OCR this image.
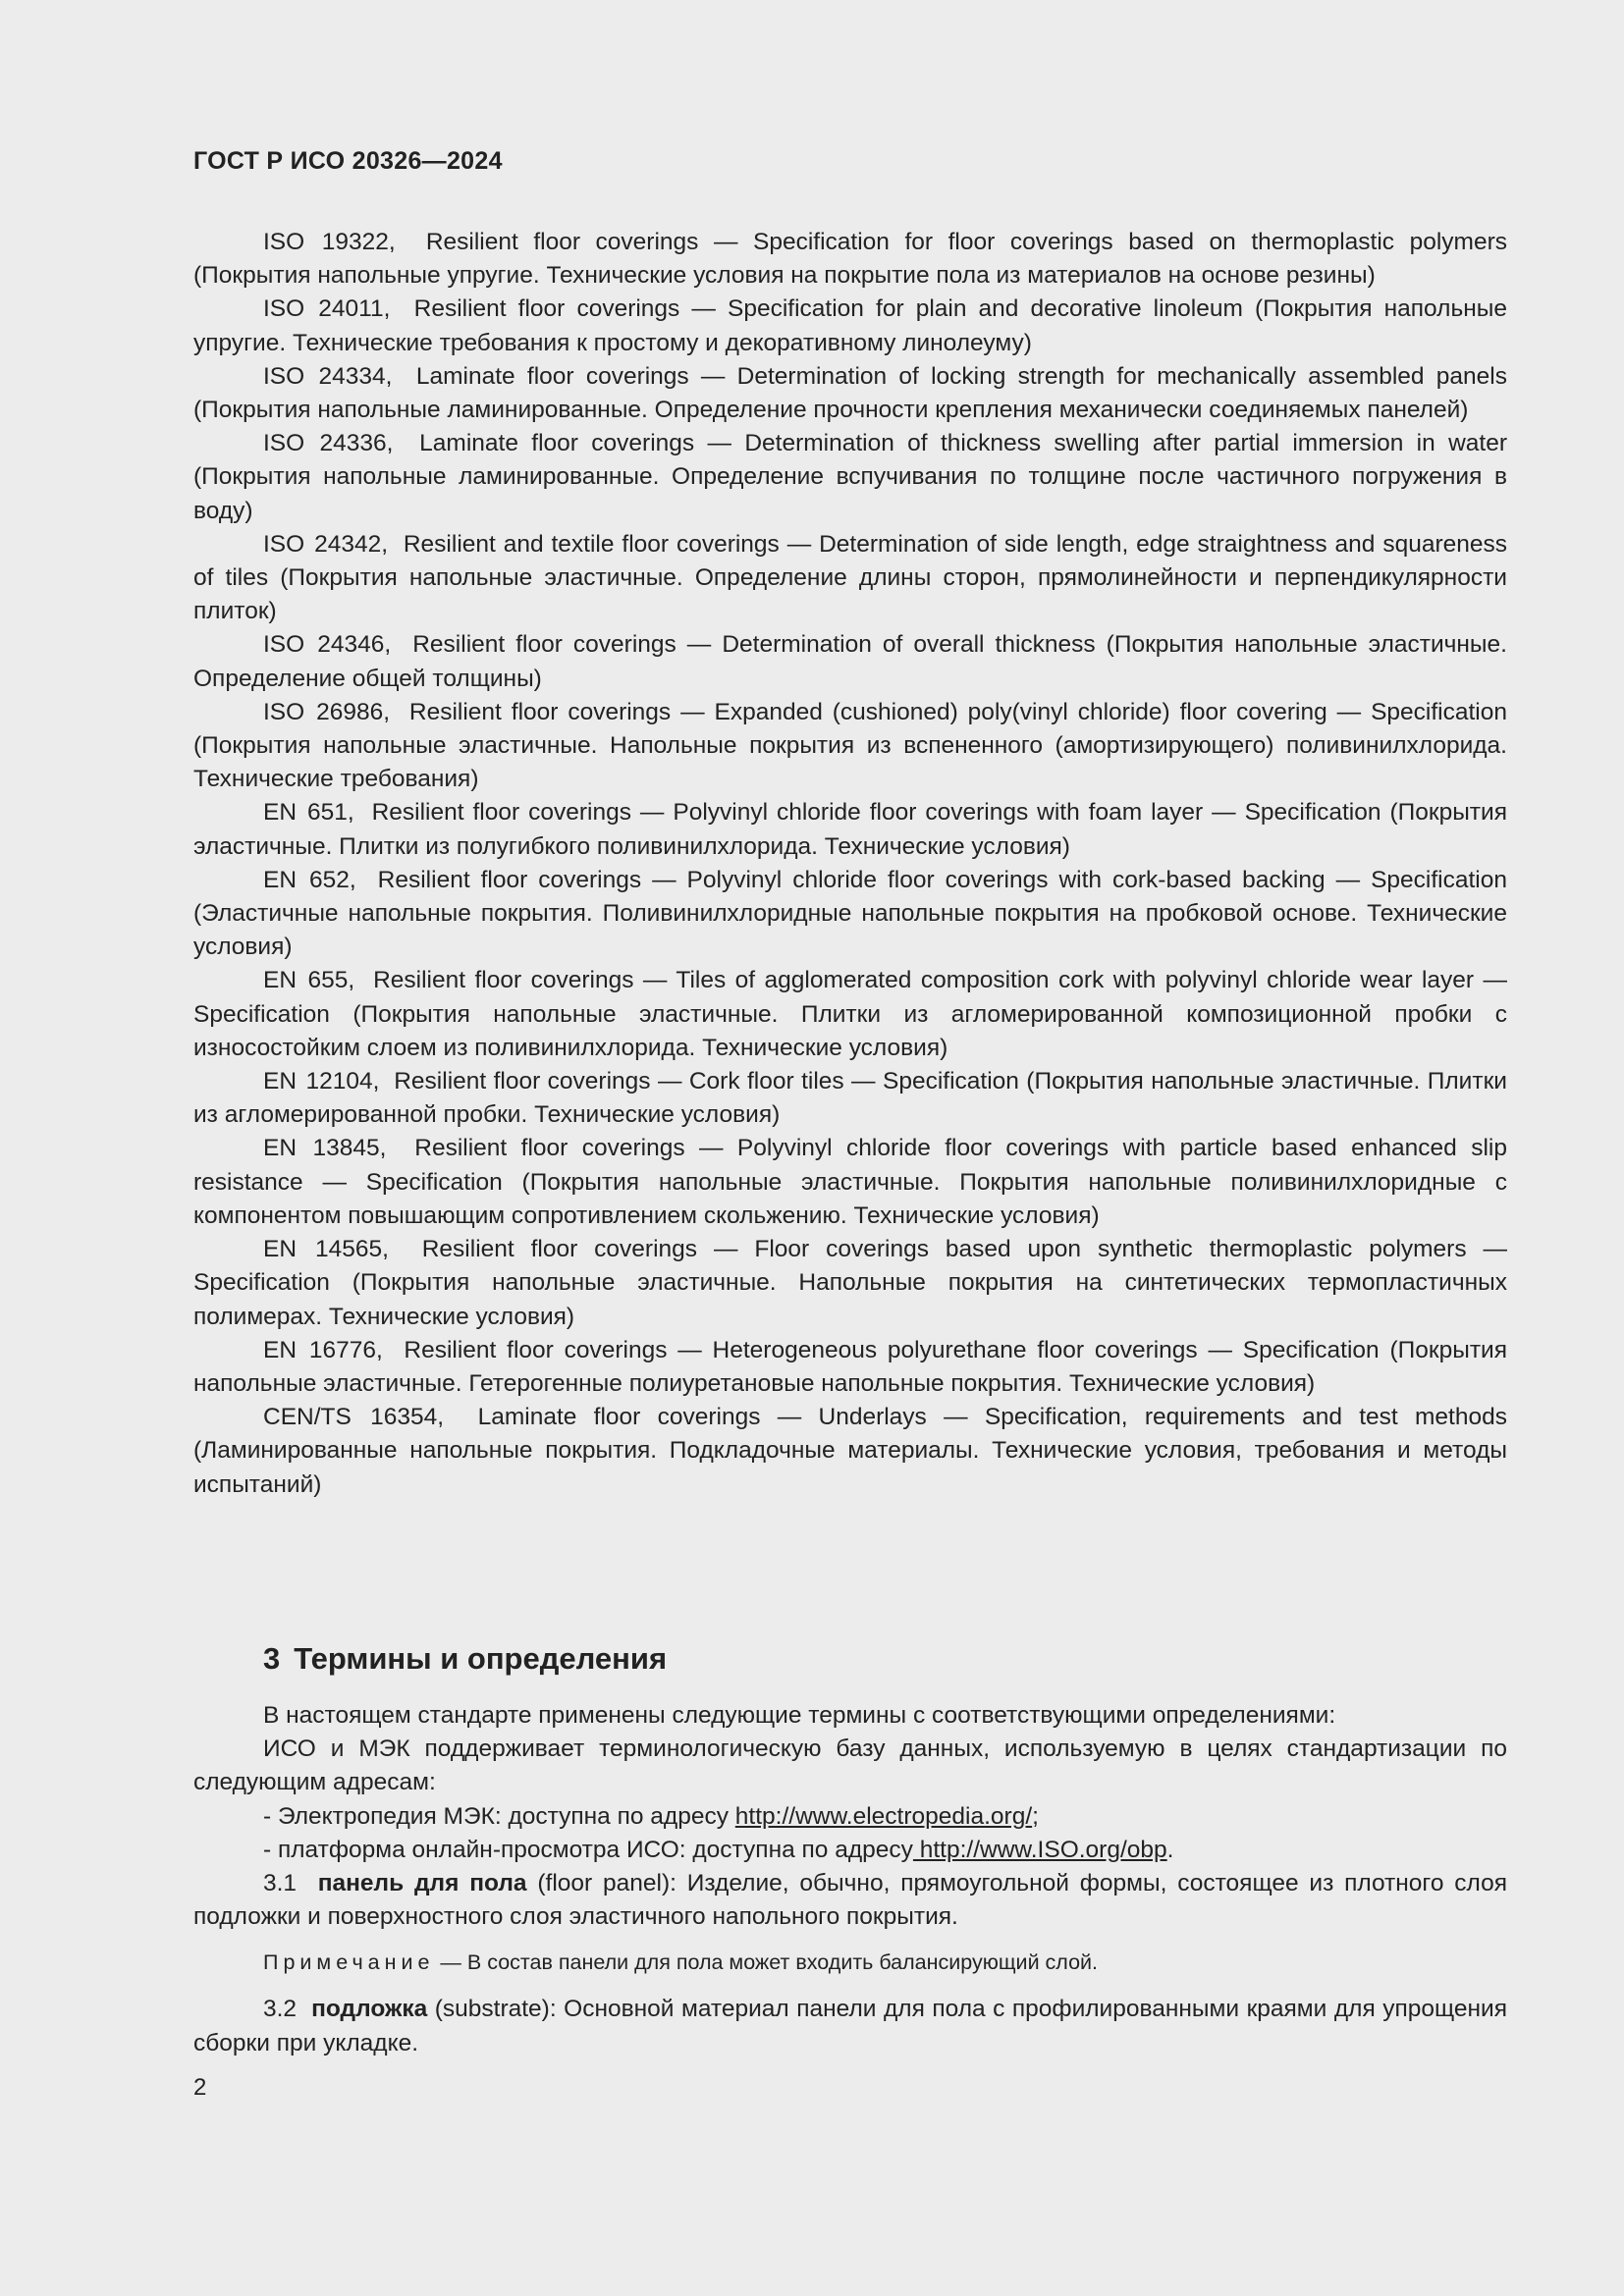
ГОСТ Р ИСО 20326—2024

ISO 19322, Resilient floor coverings — Specification for floor coverings based on thermoplastic polymers (Покрытия напольные упругие. Технические условия на покрытие пола из материалов на основе резины)

ISO 24011, Resilient floor coverings — Specification for plain and decorative linoleum (Покрытия напольные упругие. Технические требования к простому и декоративному линолеуму)

ISO 24334, Laminate floor coverings — Determination of locking strength for mechanically assembled panels (Покрытия напольные ламинированные. Определение прочности крепления механически соединяемых панелей)

ISO 24336, Laminate floor coverings — Determination of thickness swelling after partial immersion in water (Покрытия напольные ламинированные. Определение вспучивания по толщине после частичного погружения в воду)

ISO 24342, Resilient and textile floor coverings — Determination of side length, edge straightness and squareness of tiles (Покрытия напольные эластичные. Определение длины сторон, прямолинейности и перпендикулярности плиток)

ISO 24346, Resilient floor coverings — Determination of overall thickness (Покрытия напольные эластичные. Определение общей толщины)

ISO 26986, Resilient floor coverings — Expanded (cushioned) poly(vinyl chloride) floor covering — Specification (Покрытия напольные эластичные. Напольные покрытия из вспененного (амортизирующего) поливинилхлорида. Технические требования)

EN 651, Resilient floor coverings — Polyvinyl chloride floor coverings with foam layer — Specification (Покрытия эластичные. Плитки из полугибкого поливинилхлорида. Технические условия)

EN 652, Resilient floor coverings — Polyvinyl chloride floor coverings with cork-based backing — Specification (Эластичные напольные покрытия. Поливинилхлоридные напольные покрытия на пробковой основе. Технические условия)

EN 655, Resilient floor coverings — Tiles of agglomerated composition cork with polyvinyl chloride wear layer — Specification (Покрытия напольные эластичные. Плитки из агломерированной композиционной пробки с износостойким слоем из поливинилхлорида. Технические условия)

EN 12104, Resilient floor coverings — Cork floor tiles — Specification (Покрытия напольные эластичные. Плитки из агломерированной пробки. Технические условия)

EN 13845, Resilient floor coverings — Polyvinyl chloride floor coverings with particle based enhanced slip resistance — Specification (Покрытия напольные эластичные. Покрытия напольные поливинилхлоридные с компонентом повышающим сопротивлением скольжению. Технические условия)

EN 14565, Resilient floor coverings — Floor coverings based upon synthetic thermoplastic polymers — Specification (Покрытия напольные эластичные. Напольные покрытия на синтетических термопластичных полимерах. Технические условия)

EN 16776, Resilient floor coverings — Heterogeneous polyurethane floor coverings — Specification (Покрытия напольные эластичные. Гетерогенные полиуретановые напольные покрытия. Технические условия)

CEN/TS 16354, Laminate floor coverings — Underlays — Specification, requirements and test methods (Ламинированные напольные покрытия. Подкладочные материалы. Технические условия, требования и методы испытаний)

3 Термины и определения

В настоящем стандарте применены следующие термины с соответствующими определениями:

ИСО и МЭК поддерживает терминологическую базу данных, используемую в целях стандартизации по следующим адресам:

- Электропедия МЭК: доступна по адресу http://www.electropedia.org/;

- платформа онлайн-просмотра ИСО: доступна по адресу http://www.ISO.org/obp.

3.1 панель для пола (floor panel): Изделие, обычно, прямоугольной формы, состоящее из плотного слоя подложки и поверхностного слоя эластичного напольного покрытия.

Примечание — В состав панели для пола может входить балансирующий слой.

3.2 подложка (substrate): Основной материал панели для пола с профилированными краями для упрощения сборки при укладке.

2
